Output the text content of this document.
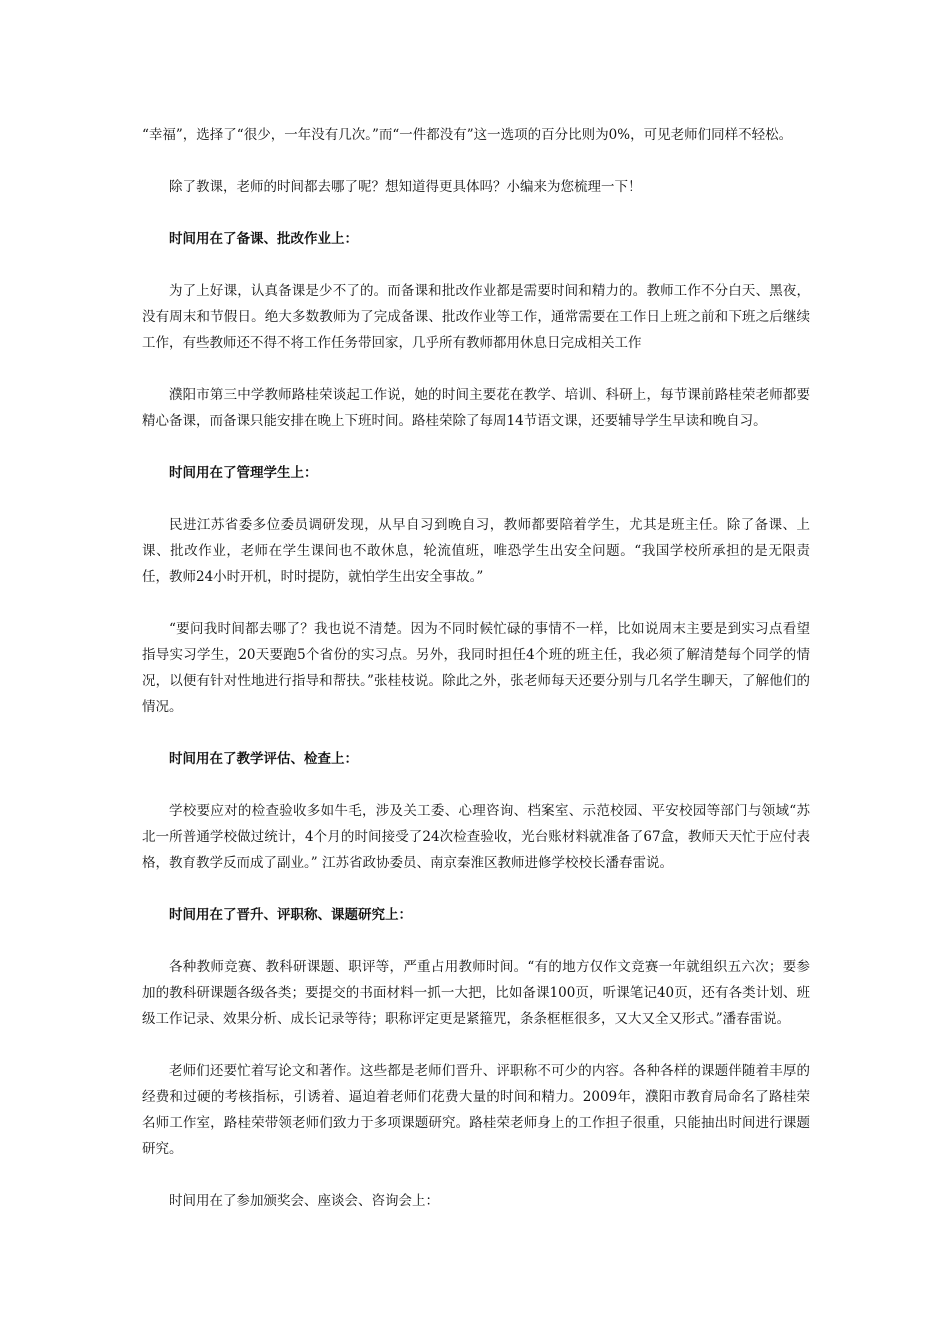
“幸福”，选择了“很少，一年没有几次。”而“一件都没有”这一选项的百分比则为0%，可见老师们同样不轻松。

除了教课，老师的时间都去哪了呢？想知道得更具体吗？小编来为您梳理一下！

时间用在了备课、批改作业上：

为了上好课，认真备课是少不了的。而备课和批改作业都是需要时间和精力的。教师工作不分白天、黑夜，没有周末和节假日。绝大多数教师为了完成备课、批改作业等工作，通常需要在工作日上班之前和下班之后继续工作，有些教师还不得不将工作任务带回家，几乎所有教师都用休息日完成相关工作

濮阳市第三中学教师路桂荣谈起工作说，她的时间主要花在教学、培训、科研上，每节课前路桂荣老师都要精心备课，而备课只能安排在晚上下班时间。路桂荣除了每周14节语文课，还要辅导学生早读和晚自习。

时间用在了管理学生上：

民进江苏省委多位委员调研发现，从早自习到晚自习，教师都要陪着学生，尤其是班主任。除了备课、上 课、批改作业，老师在学生课间也不敢休息，轮流值班，唯恐学生出安全问题。“我国学校所承担的是无限责任，教师24小时开机，时时提防，就怕学生出安全事故。”

“要问我时间都去哪了？我也说不清楚。因为不同时候忙碌的事情不一样，比如说周末主要是到实习点看望指导实习学生，20天要跑5个省份的实习点。另外，我同时担任4个班的班主任，我必须了解清楚每个同学的情况，以便有针对性地进行指导和帮扶。”张桂枝说。除此之外，张老师每天还要分别与几名学生聊天，了解他们的情况。

时间用在了教学评估、检查上：

学校要应对的检查验收多如牛毛，涉及关工委、心理咨询、档案室、示范校园、平安校园等部门与领域“苏北一所普通学校做过统计，4个月的时间接受了24次检查验收，光台账材料就准备了67盒，教师天天忙于应付表格，教育教学反而成了副业。” 江苏省政协委员、南京秦淮区教师进修学校校长潘春雷说。

时间用在了晋升、评职称、课题研究上：

各种教师竞赛、教科研课题、职评等，严重占用教师时间。“有的地方仅作文竞赛一年就组织五六次；要参加的教科研课题各级各类；要提交的书面材料一抓一大把，比如备课100页，听课笔记40页，还有各类计划、班级工作记录、效果分析、成长记录等待；职称评定更是紧箍咒，条条框框很多，又大又全又形式。”潘春雷说。

老师们还要忙着写论文和著作。这些都是老师们晋升、评职称不可少的内容。各种各样的课题伴随着丰厚的经费和过硬的考核指标，引诱着、逼迫着老师们花费大量的时间和精力。2009年，濮阳市教育局命名了路桂荣名师工作室，路桂荣带领老师们致力于多项课题研究。路桂荣老师身上的工作担子很重，只能抽出时间进行课题研究。

时间用在了参加颁奖会、座谈会、咨询会上：
